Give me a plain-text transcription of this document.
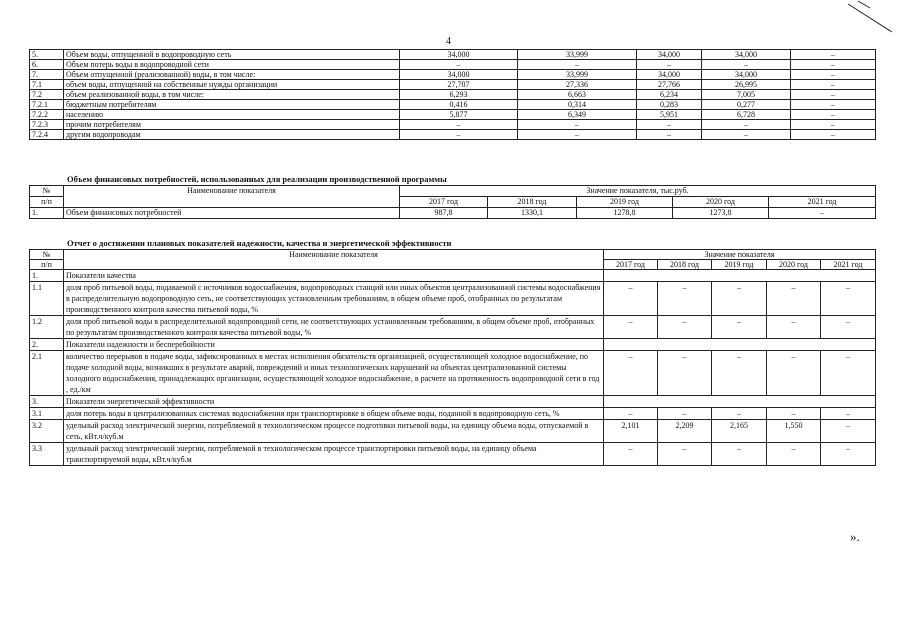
4
5.	Объем воды, отпущенной в водопроводную сеть	34,000	33,999	34,000	34,000	–
6.	Объем потерь воды в водопроводной сети	–	–	–	–	–
7.	Объем отпущенной (реализованной) воды, в том числе:	34,000	33,999	34,000	34,000	–
7.1	объем воды, отпущенной на собственные нужды организации	27,707	27,336	27,766	26,995	–
7.2	объем реализованной воды, в том числе:	6,293	6,663	6,234	7,005	–
7.2.1	бюджетным потребителям	0,416	0,314	0,283	0,277	–
7.2.2	населению	5,877	6,349	5,951	6,728	–
7.2.3	прочим потребителям	–	–	–	–	–
7.2.4	другим водопроводам	–	–	–	–	–
Объем финансовых потребностей, использованных для реализации производственной программы
№	Наименование показателя	Значение показателя, тыс.руб.				
п/п		2017 год	2018 год	2019 год	2020 год	2021 год
1.	Объем финансовых потребностей	987,8	1330,1	1278,8	1273,8	–
Отчет о достижении плановых показателей надежности, качества и энергетической эффективности
№	Наименование показателя	Значение показателя				
п/п		2017 год	2018 год	2019 год	2020 год	2021 год
1.	Показатели качества					
1.1	доля проб питьевой воды, подаваемой с источников водоснабжения, водопроводных станций или иных объектов централизованной системы водоснабжения в распределительную водопроводную сеть, не соответствующих установленным требованиям, в общем объеме проб, отобранных по результатам производственного контроля качества питьевой воды, %	–	–	–	–	–
1.2	доля проб питьевой воды в распределительной водопроводной сети, не соответствующих установленным требованиям, в общем объеме проб, отобранных по результатам производственного контроля качества питьевой воды, %	–	–	–	–	–
2.	Показатели надежности и бесперебойности					
2.1	количество перерывов в подаче воды, зафиксированных в местах исполнения обязательств организацией, осуществляющей холодное водоснабжение, по подаче холодной воды, возникших в результате аварий, повреждений и иных технологических нарушений на объектах централизованной системы холодного водоснабжения, принадлежащих организации, осуществляющей холодное водоснабжение, в расчете на протяженность водопроводной сети в год , ед./км	–	–	–	–	–
3.	Показатели энергетической эффективности					
3.1	доля потерь воды в централизованных системах водоснабжения при транспортировке в общем объеме воды, поданной в водопроводную сеть, %	–	–	–	–	–
3.2	удельный расход электрической энергии, потребляемой в технологическом процессе подготовки питьевой воды, на единицу объема воды, отпускаемой в сеть, кВт.ч/куб.м	2,101	2,209	2,165	1,550	–
3.3	удельный расход электрической энергии, потребляемой в технологическом процессе транспортировки питьевой воды, на единицу объема транспортируемой воды, кВт.ч/куб.м	–	–	–	–	–
».
